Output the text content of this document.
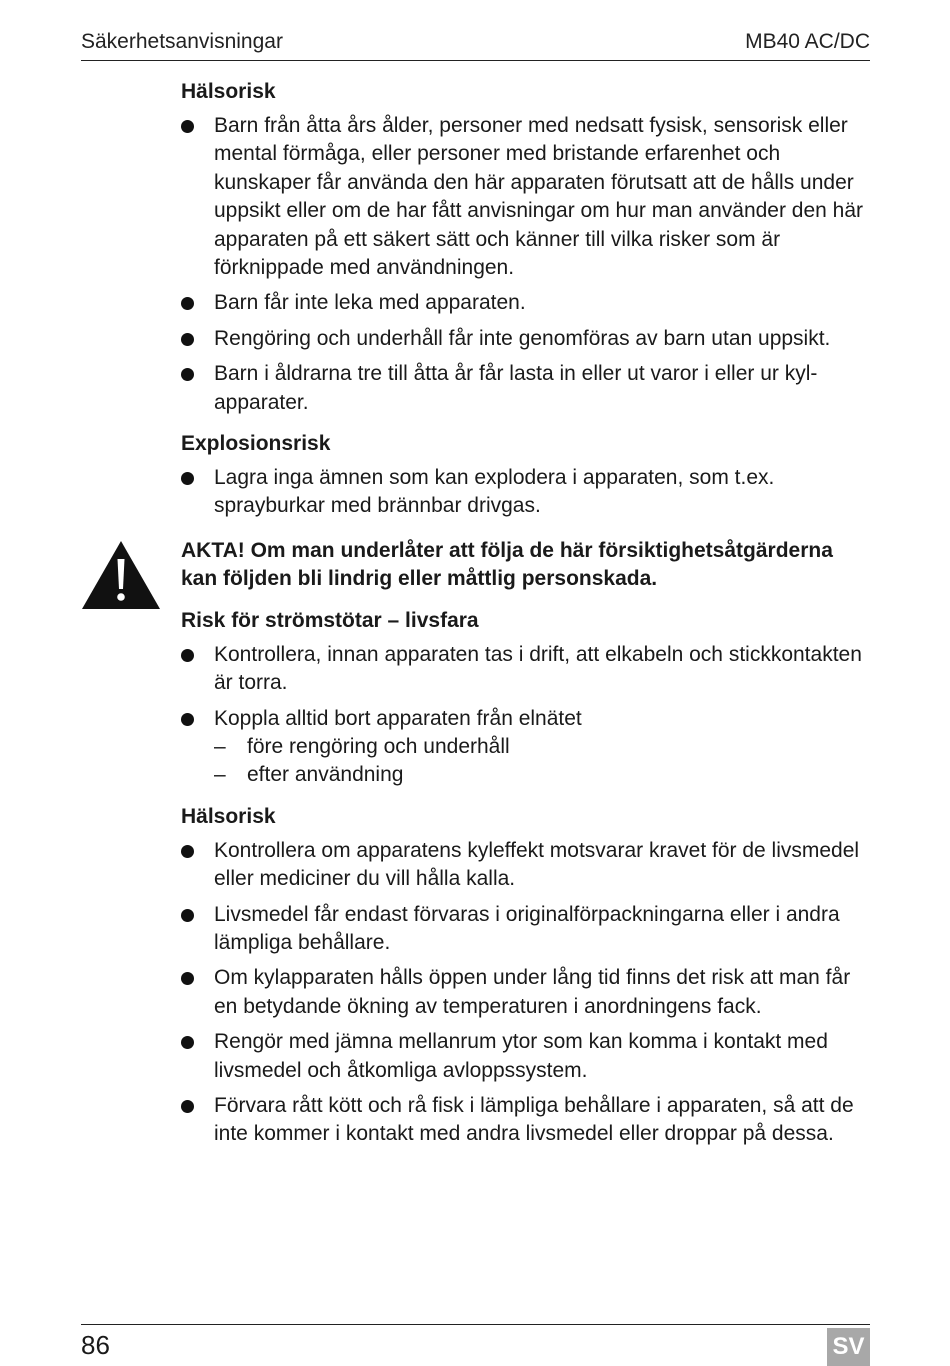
Säkerhetsanvisningar	MB40 AC/DC
Hälsorisk
Barn från åtta års ålder, personer med nedsatt fysisk, sensorisk eller mental förmåga, eller personer med bristande erfarenhet och kunskaper får använda den här apparaten förutsatt att de hålls under uppsikt eller om de har fått anvisningar om hur man använder den här apparaten på ett säkert sätt och känner till vilka risker som är förknippade med användningen.
Barn får inte leka med apparaten.
Rengöring och underhåll får inte genomföras av barn utan uppsikt.
Barn i åldrarna tre till åtta år får lasta in eller ut varor i eller ur kylapparater.
Explosionsrisk
Lagra inga ämnen som kan explodera i apparaten, som t.ex. sprayburkar med brännbar drivgas.
AKTA! Om man underlåter att följa de här försiktighetsåtgärderna kan följden bli lindrig eller måttlig personskada.
Risk för strömstötar – livsfara
Kontrollera, innan apparaten tas i drift, att elkabeln och stickkontakten är torra.
Koppla alltid bort apparaten från elnätet
– före rengöring och underhåll
– efter användning
Hälsorisk
Kontrollera om apparatens kyleffekt motsvarar kravet för de livsmedel eller mediciner du vill hålla kalla.
Livsmedel får endast förvaras i originalförpackningarna eller i andra lämpliga behållare.
Om kylapparaten hålls öppen under lång tid finns det risk att man får en betydande ökning av temperaturen i anordningens fack.
Rengör med jämna mellanrum ytor som kan komma i kontakt med livsmedel och åtkomliga avloppssystem.
Förvara rått kött och rå fisk i lämpliga behållare i apparaten, så att de inte kommer i kontakt med andra livsmedel eller droppar på dessa.
86	SV
